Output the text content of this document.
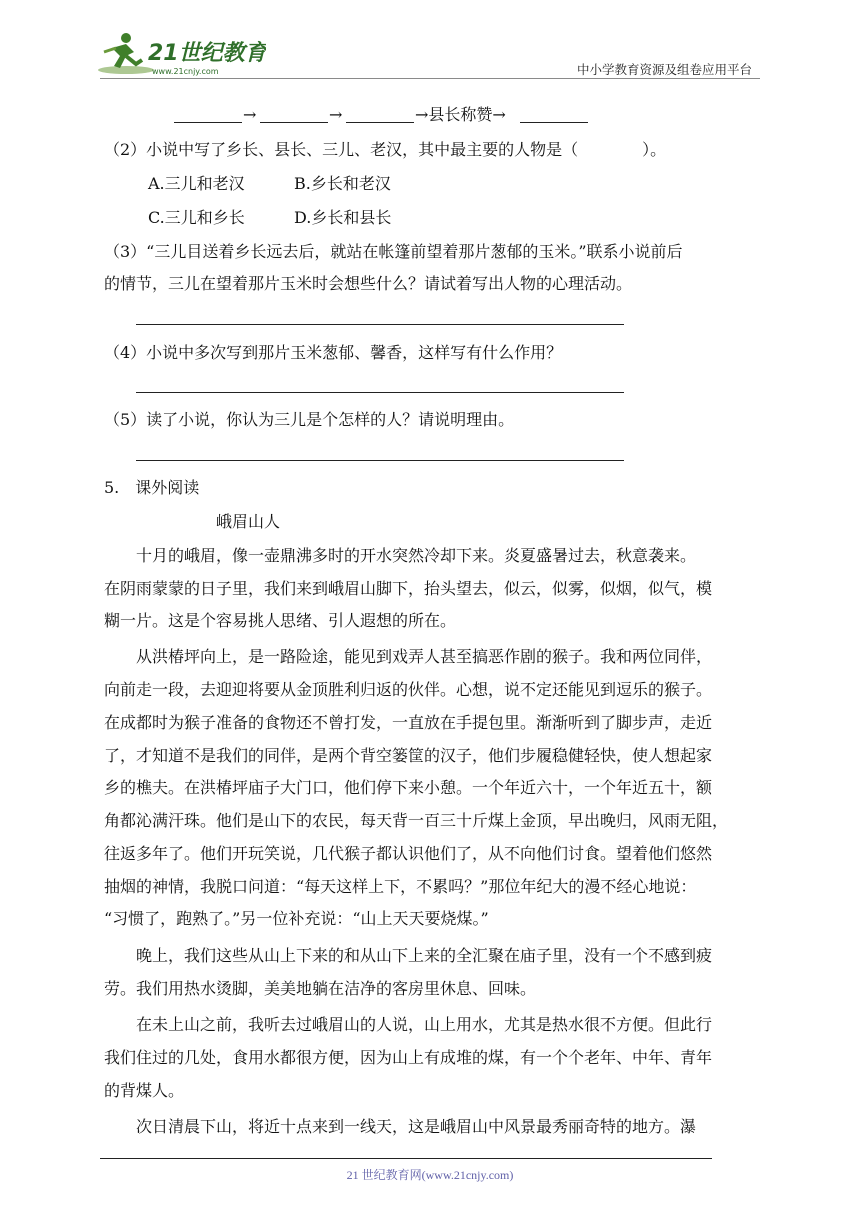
21世纪教育
www.21cnjy.com	中小学教育资源及组卷应用平台
→	→	→县长称赞→
（2）小说中写了乡长、县长、三儿、老汉，其中最主要的人物是（　　　　）。
A.三儿和老汉	B.乡长和老汉
C.三儿和乡长	D.乡长和县长
（3）“三儿目送着乡长远去后，就站在帐篷前望着那片葱郁的玉米。”联系小说前后
的情节，三儿在望着那片玉米时会想些什么？请试着写出人物的心理活动。
（4）小说中多次写到那片玉米葱郁、馨香，这样写有什么作用？
（5）读了小说，你认为三儿是个怎样的人？请说明理由。
5.　课外阅读
峨眉山人
　　十月的峨眉，像一壶鼎沸多时的开水突然冷却下来。炎夏盛暑过去，秋意袭来。
在阴雨蒙蒙的日子里，我们来到峨眉山脚下，抬头望去，似云，似雾，似烟，似气，模
糊一片。这是个容易挑人思绪、引人遐想的所在。
　　从洪椿坪向上，是一路险途，能见到戏弄人甚至搞恶作剧的猴子。我和两位同伴，
向前走一段，去迎迎将要从金顶胜利归返的伙伴。心想，说不定还能见到逗乐的猴子。
在成都时为猴子准备的食物还不曾打发，一直放在手提包里。渐渐听到了脚步声，走近
了，才知道不是我们的同伴，是两个背空篓筐的汉子，他们步履稳健轻快，使人想起家
乡的樵夫。在洪椿坪庙子大门口，他们停下来小憩。一个年近六十，一个年近五十，额
角都沁满汗珠。他们是山下的农民，每天背一百三十斤煤上金顶，早出晚归，风雨无阻，
往返多年了。他们开玩笑说，几代猴子都认识他们了，从不向他们讨食。望着他们悠然
抽烟的神情，我脱口问道：“每天这样上下，不累吗？”那位年纪大的漫不经心地说：
“习惯了，跑熟了。”另一位补充说：“山上天天要烧煤。”
　　晚上，我们这些从山上下来的和从山下上来的全汇聚在庙子里，没有一个不感到疲
劳。我们用热水烫脚，美美地躺在洁净的客房里休息、回味。
　　在未上山之前，我听去过峨眉山的人说，山上用水，尤其是热水很不方便。但此行
我们住过的几处，食用水都很方便，因为山上有成堆的煤，有一个个老年、中年、青年
的背煤人。
　　次日清晨下山，将近十点来到一线天，这是峨眉山中风景最秀丽奇特的地方。瀑
21 世纪教育网(www.21cnjy.com)
